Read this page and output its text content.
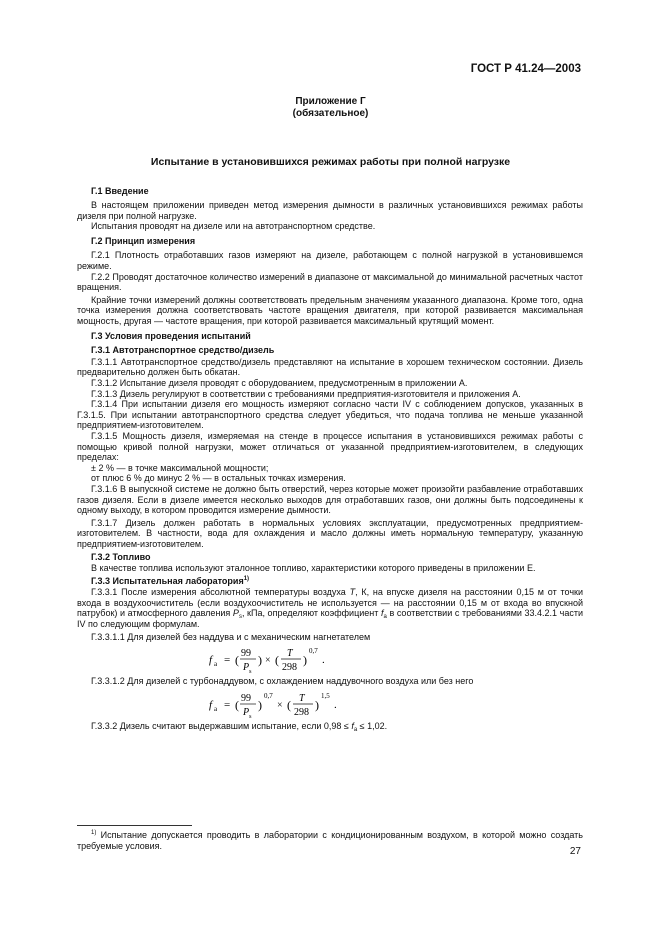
ГОСТ Р 41.24—2003
Приложение Г
(обязательное)
Испытание в установившихся режимах работы при полной нагрузке
Г.1 Введение

В настоящем приложении приведен метод измерения дымности в различных установившихся режимах работы дизеля при полной нагрузке.

Испытания проводят на дизеле или на автотранспортном средстве.

Г.2 Принцип измерения

Г.2.1 Плотность отработавших газов измеряют на дизеле, работающем с полной нагрузкой в установившемся режиме.

Г.2.2 Проводят достаточное количество измерений в диапазоне от максимальной до минимальной расчетных частот вращения.

Крайние точки измерений должны соответствовать предельным значениям указанного диапазона. Кроме того, одна точка измерения должна соответствовать частоте вращения двигателя, при которой развивается максимальная мощность, другая — частоте вращения, при которой развивается максимальный крутящий момент.

Г.3 Условия проведения испытаний
Г.3.1 Автотранспортное средство/дизель

Г.3.1.1 Автотранспортное средство/дизель представляют на испытание в хорошем техническом состоянии. Дизель предварительно должен быть обкатан.

Г.3.1.2 Испытание дизеля проводят с оборудованием, предусмотренным в приложении А.

Г.3.1.3 Дизель регулируют в соответствии с требованиями предприятия-изготовителя и приложения А.

Г.3.1.4 При испытании дизеля его мощность измеряют согласно части IV с соблюдением допусков, указанных в Г.3.1.5. При испытании автотранспортного средства следует убедиться, что подача топлива не меньше указанной предприятием-изготовителем.

Г.3.1.5 Мощность дизеля, измеряемая на стенде в процессе испытания в установившихся режимах работы с помощью кривой полной нагрузки, может отличаться от указанной предприятием-изготовителем, в следующих пределах:

± 2 % — в точке максимальной мощности;

от плюс 6 % до минус 2 % — в остальных точках измерения.

Г.3.1.6 В выпускной системе не должно быть отверстий, через которые может произойти разбавление отработавших газов дизеля. Если в дизеле имеется несколько выходов для отработавших газов, они должны быть подсоединены к одному выходу, в котором проводится измерение дымности.

Г.3.1.7 Дизель должен работать в нормальных условиях эксплуатации, предусмотренных предприятием-изготовителем. В частности, вода для охлаждения и масло должны иметь нормальную температуру, указанную предприятием-изготовителем.

Г.3.2 Топливо

В качестве топлива используют эталонное топливо, характеристики которого приведены в приложении Е.

Г.3.3 Испытательная лаборатория$^{1)}$

Г.3.3.1 После измерения абсолютной температуры воздуха T, К, на впуске дизеля на расстоянии 0,15 м от точки входа в воздухоочиститель (если воздухоочиститель не используется — на расстоянии 0,15 м от входа во впускной патрубок) и атмосферного давления $P_s$, кПа, определяют коэффициент $f_a$ в соответствии с требованиями 33.4.2.1 части IV по следующим формулам.

Г.3.3.1.1 Для дизелей без наддува и с механическим нагнетателем

f a = ( 99
P s
) × ( T
298
)
0,7
.

Г.3.3.1.2 Для дизелей с турбонаддувом, с охлаждением наддувочного воздуха или без него

f a = ( 99
P s
)
0,7
× ( T
298
)
1,5
.

Г.3.3.2 Дизель считают выдержавшим испытание, если $0,98 \le f_a \le 1,02$.

$^{1)}$ Испытание допускается проводить в лаборатории с кондиционированным воздухом, в которой можно создать требуемые условия.
27
